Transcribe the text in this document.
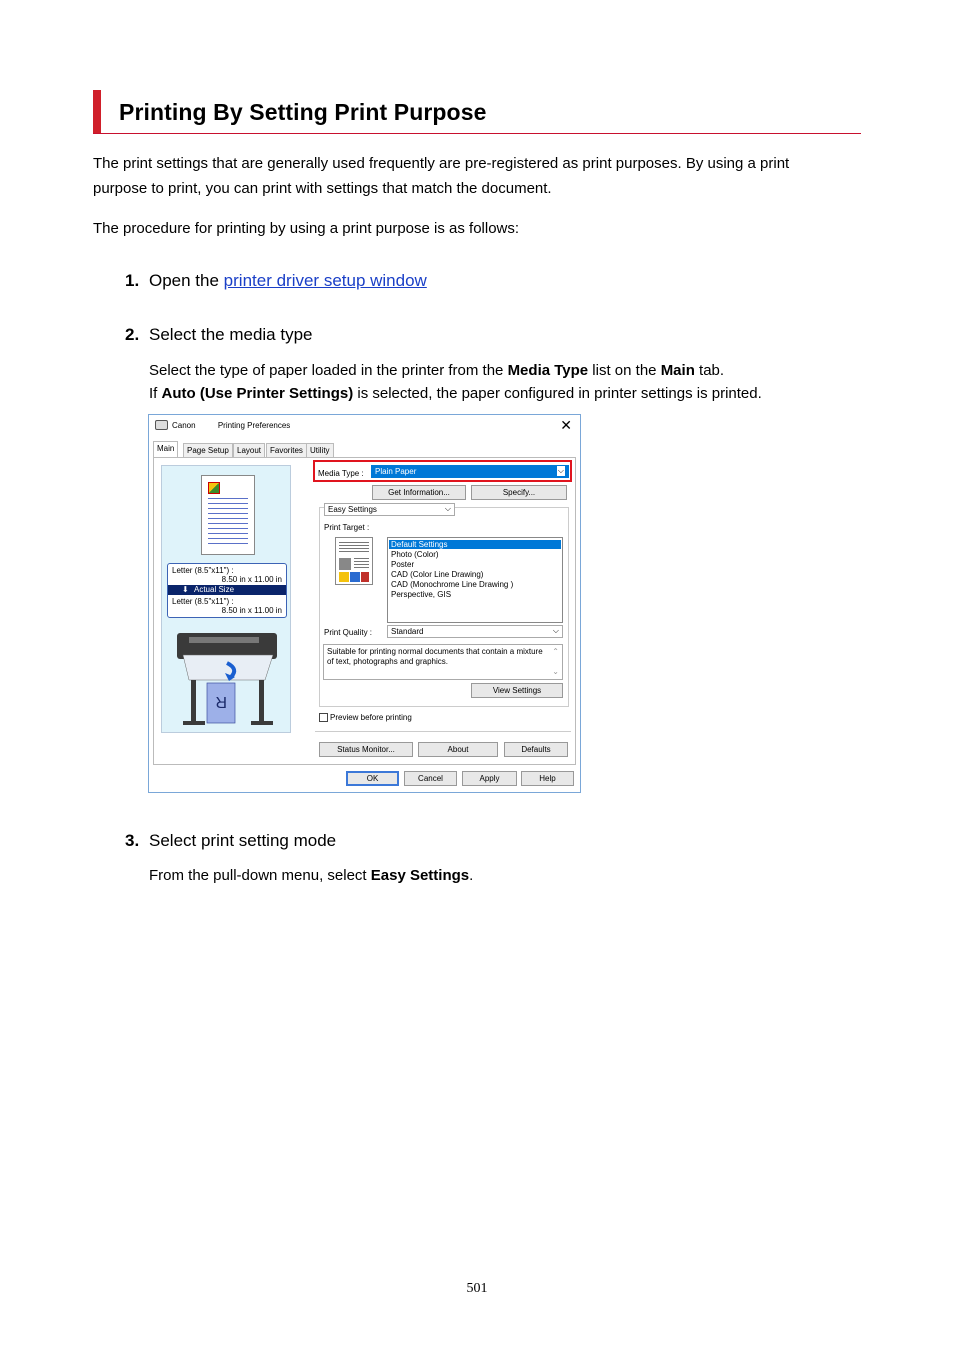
Printing By Setting Print Purpose

The print settings that are generally used frequently are pre-registered as print purposes. By using a print
purpose to print, you can print with settings that match the document.

The procedure for printing by using a print purpose is as follows:

1. Open the printer driver setup window
2. Select the media type

Select the type of paper loaded in the printer from the Media Type list on the Main tab.
If Auto (Use Printer Settings) is selected, the paper configured in printer settings is printed.

Canon	Printing Preferences	✕
Main	Page Setup	Layout	Favorites Utility
Letter (8.5"x11") :
8.50 in x 11.00 in
⬇ Actual Size
Letter (8.5"x11") :
8.50 in x 11.00 in
R
Media Type :	Plain Paper	⌵
Get Information...	Specify...
Easy Settings	⌵
Print Target :
Default Settings
Photo (Color)
Poster
CAD (Color Line Drawing)
CAD (Monochrome Line Drawing )
Perspective, GIS
Print Quality :	Standard	⌵
Suitable for printing normal documents that contain a mixture of text, photographs and graphics.
⌃
⌄
View Settings
Preview before printing
Status Monitor...	About	Defaults
OK	Cancel	Apply	Help
3. Select print setting mode

From the pull-down menu, select Easy Settings.

501
